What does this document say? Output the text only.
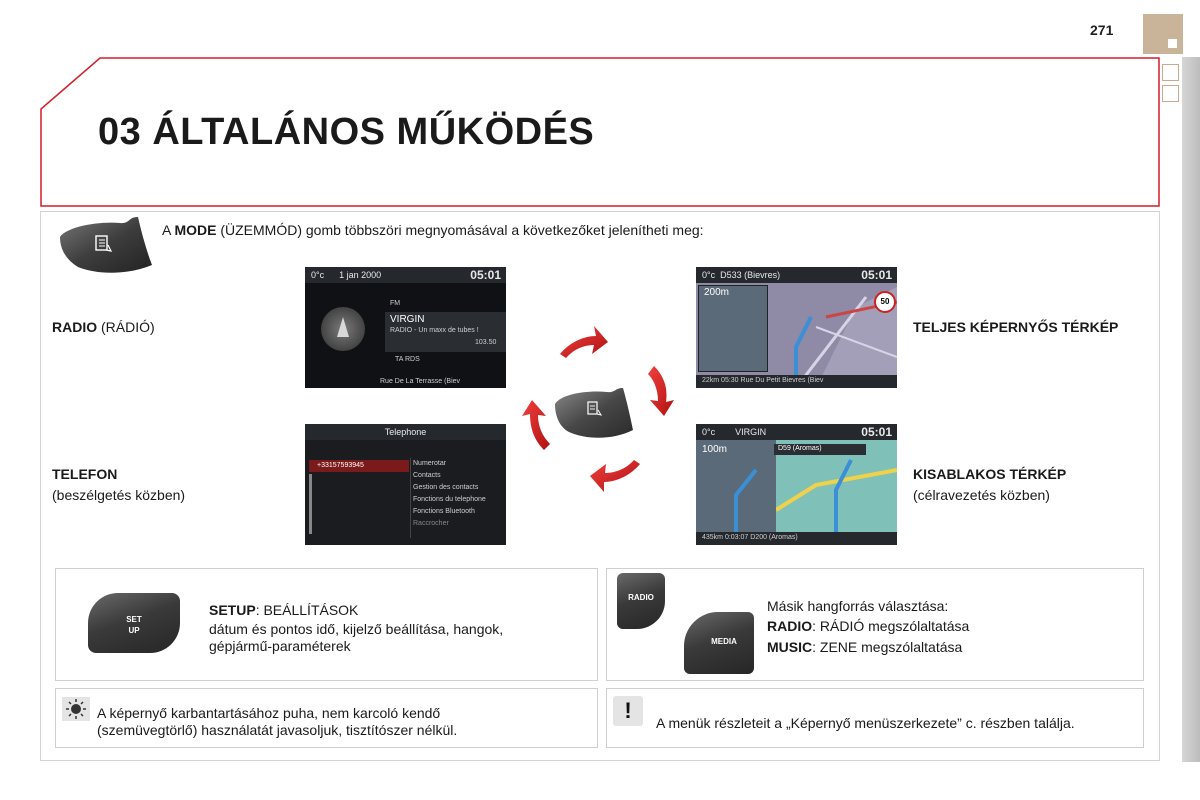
271
03 ÁLTALÁNOS MŰKÖDÉS
A MODE (ÜZEMMÓD) gomb többszöri megnyomásával a következőket jelenítheti meg:
RADIO (RÁDIÓ)	TELJES KÉPERNYŐS TÉRKÉP
TELEFON
(beszélgetés közben)
KISABLAKOS TÉRKÉP
(célravezetés közben)
0°c 1 jan 2000	05:01
FM
VIRGIN
RADIO - Un maxx de tubes !
103.50
TA RDS
Rue De La Terrasse (Biev
0°c D533 (Bievres)	05:01
200m
50
22km 05:30 Rue Du Petit Bievres (Biev
Telephone
+33157593945	Numerotar
Contacts
Gestion des contacts
Fonctions du telephone
Fonctions Bluetooth
Raccrocher
0°c VIRGIN	05:01
100m	D59 (Aromas)
435km 0:03:07 D200 (Aromas)
SET
UP
SETUP: BEÁLLÍTÁSOK
dátum és pontos idő, kijelző beállítása, hangok, gépjármű-paraméterek
RADIO
MEDIA
Másik hangforrás választása:
RADIO: RÁDIÓ megszólaltatása
MUSIC: ZENE megszólaltatása
A képernyő karbantartásához puha, nem karcoló kendő (szemüvegtörlő) használatát javasoljuk, tisztítószer nélkül.
!	A menük részleteit a „Képernyő menüszerkezete” c. részben találja.
